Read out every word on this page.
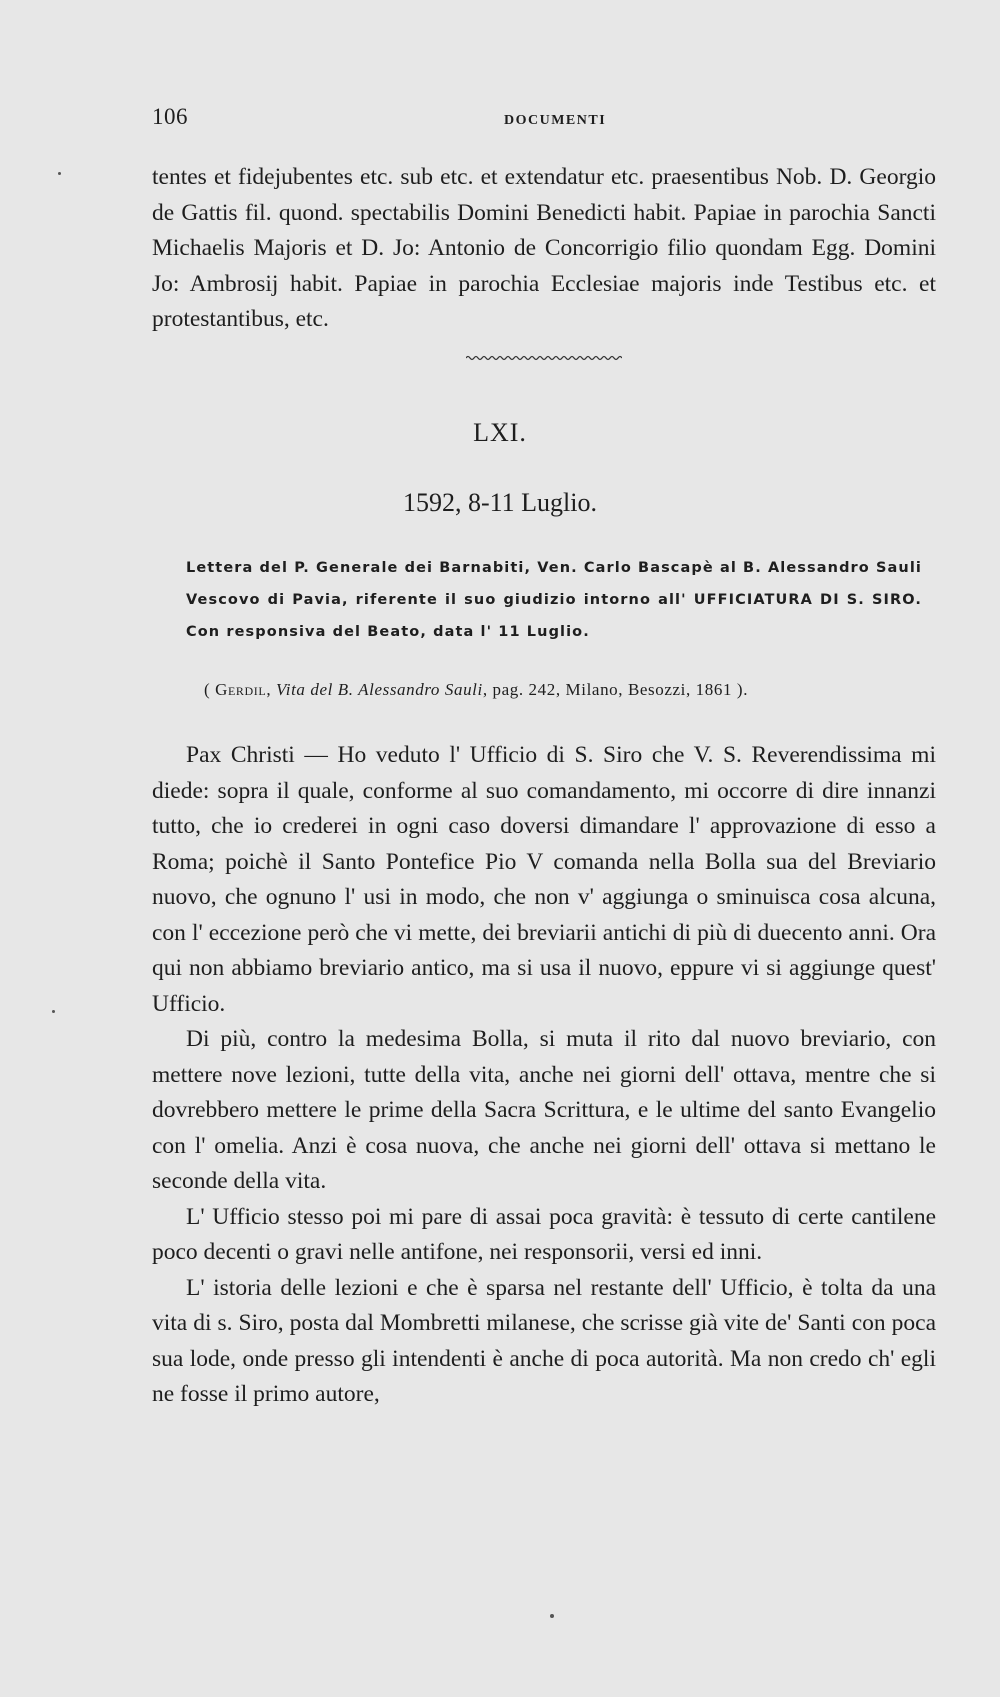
106	DOCUMENTI

tentes et fidejubentes etc. sub etc. et extendatur etc. praesentibus Nob. D. Georgio de Gattis fil. quond. spectabilis Domini Benedicti habit. Papiae in parochia Sancti Michaelis Majoris et D. Jo: Antonio de Concorrigio filio quondam Egg. Domini Jo: Ambrosij habit. Papiae in parochia Ecclesiae majoris inde Testibus etc. et protestantibus, etc.

LXI.
1592, 8-11 Luglio.
Lettera del P. Generale dei Barnabiti, Ven. Carlo Bascapè al B. Alessandro Sauli Vescovo di Pavia, riferente il suo giudizio intorno all' UFFICIATURA DI S. SIRO. Con responsiva del Beato, data l' 11 Luglio.
( Gerdil, Vita del B. Alessandro Sauli, pag. 242, Milano, Besozzi, 1861 ).

Pax Christi — Ho veduto l' Ufficio di S. Siro che V. S. Reverendissima mi diede: sopra il quale, conforme al suo comandamento, mi occorre di dire innanzi tutto, che io crederei in ogni caso doversi dimandare l' approvazione di esso a Roma; poichè il Santo Pontefice Pio V comanda nella Bolla sua del Breviario nuovo, che ognuno l' usi in modo, che non v' aggiunga o sminuisca cosa alcuna, con l' eccezione però che vi mette, dei breviarii antichi di più di duecento anni. Ora qui non abbiamo breviario antico, ma si usa il nuovo, eppure vi si aggiunge quest' Ufficio.

Di più, contro la medesima Bolla, si muta il rito dal nuovo breviario, con mettere nove lezioni, tutte della vita, anche nei giorni dell' ottava, mentre che si dovrebbero mettere le prime della Sacra Scrittura, e le ultime del santo Evangelio con l' omelia. Anzi è cosa nuova, che anche nei giorni dell' ottava si mettano le seconde della vita.

L' Ufficio stesso poi mi pare di assai poca gravità: è tessuto di certe cantilene poco decenti o gravi nelle antifone, nei responsorii, versi ed inni.

L' istoria delle lezioni e che è sparsa nel restante dell' Ufficio, è tolta da una vita di s. Siro, posta dal Mombretti milanese, che scrisse già vite de' Santi con poca sua lode, onde presso gli intendenti è anche di poca autorità. Ma non credo ch' egli ne fosse il primo autore,
